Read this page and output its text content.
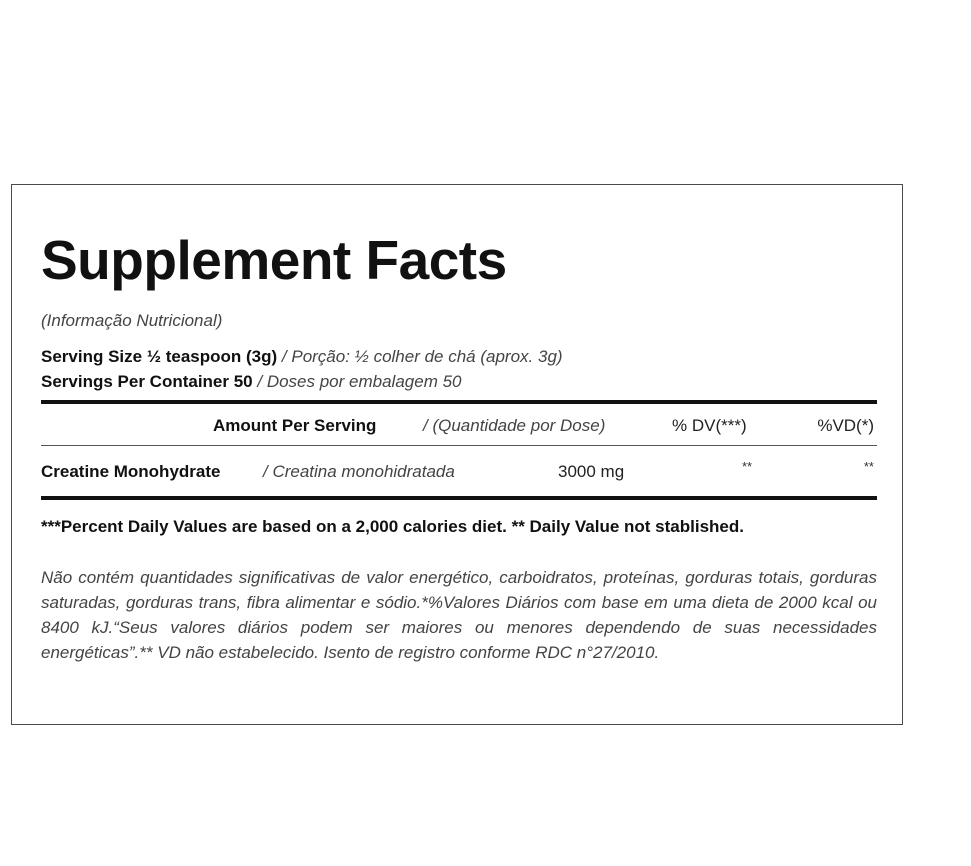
Supplement Facts
(Informação Nutricional)
Serving Size ½ teaspoon (3g) / Porção: ½ colher de chá (aprox. 3g)
Servings Per Container 50 / Doses por embalagem 50
Amount Per Serving	/ (Quantidade por Dose)	% DV(***)	%VD(*)
Creatine Monohydrate	/ Creatina monohidratada	3000 mg	**	**

***Percent Daily Values are based on a 2,000 calories diet. ** Daily Value not stablished.

Não contém quantidades significativas de valor energético, carboidratos, proteínas, gorduras totais, gorduras saturadas, gorduras trans, fibra alimentar e sódio.*%Valores Diários com base em uma dieta de 2000 kcal ou 8400 kJ.“Seus valores diários podem ser maiores ou menores dependendo de suas necessidades energéticas”.** VD não estabelecido. Isento de registro conforme RDC n°27/2010.
